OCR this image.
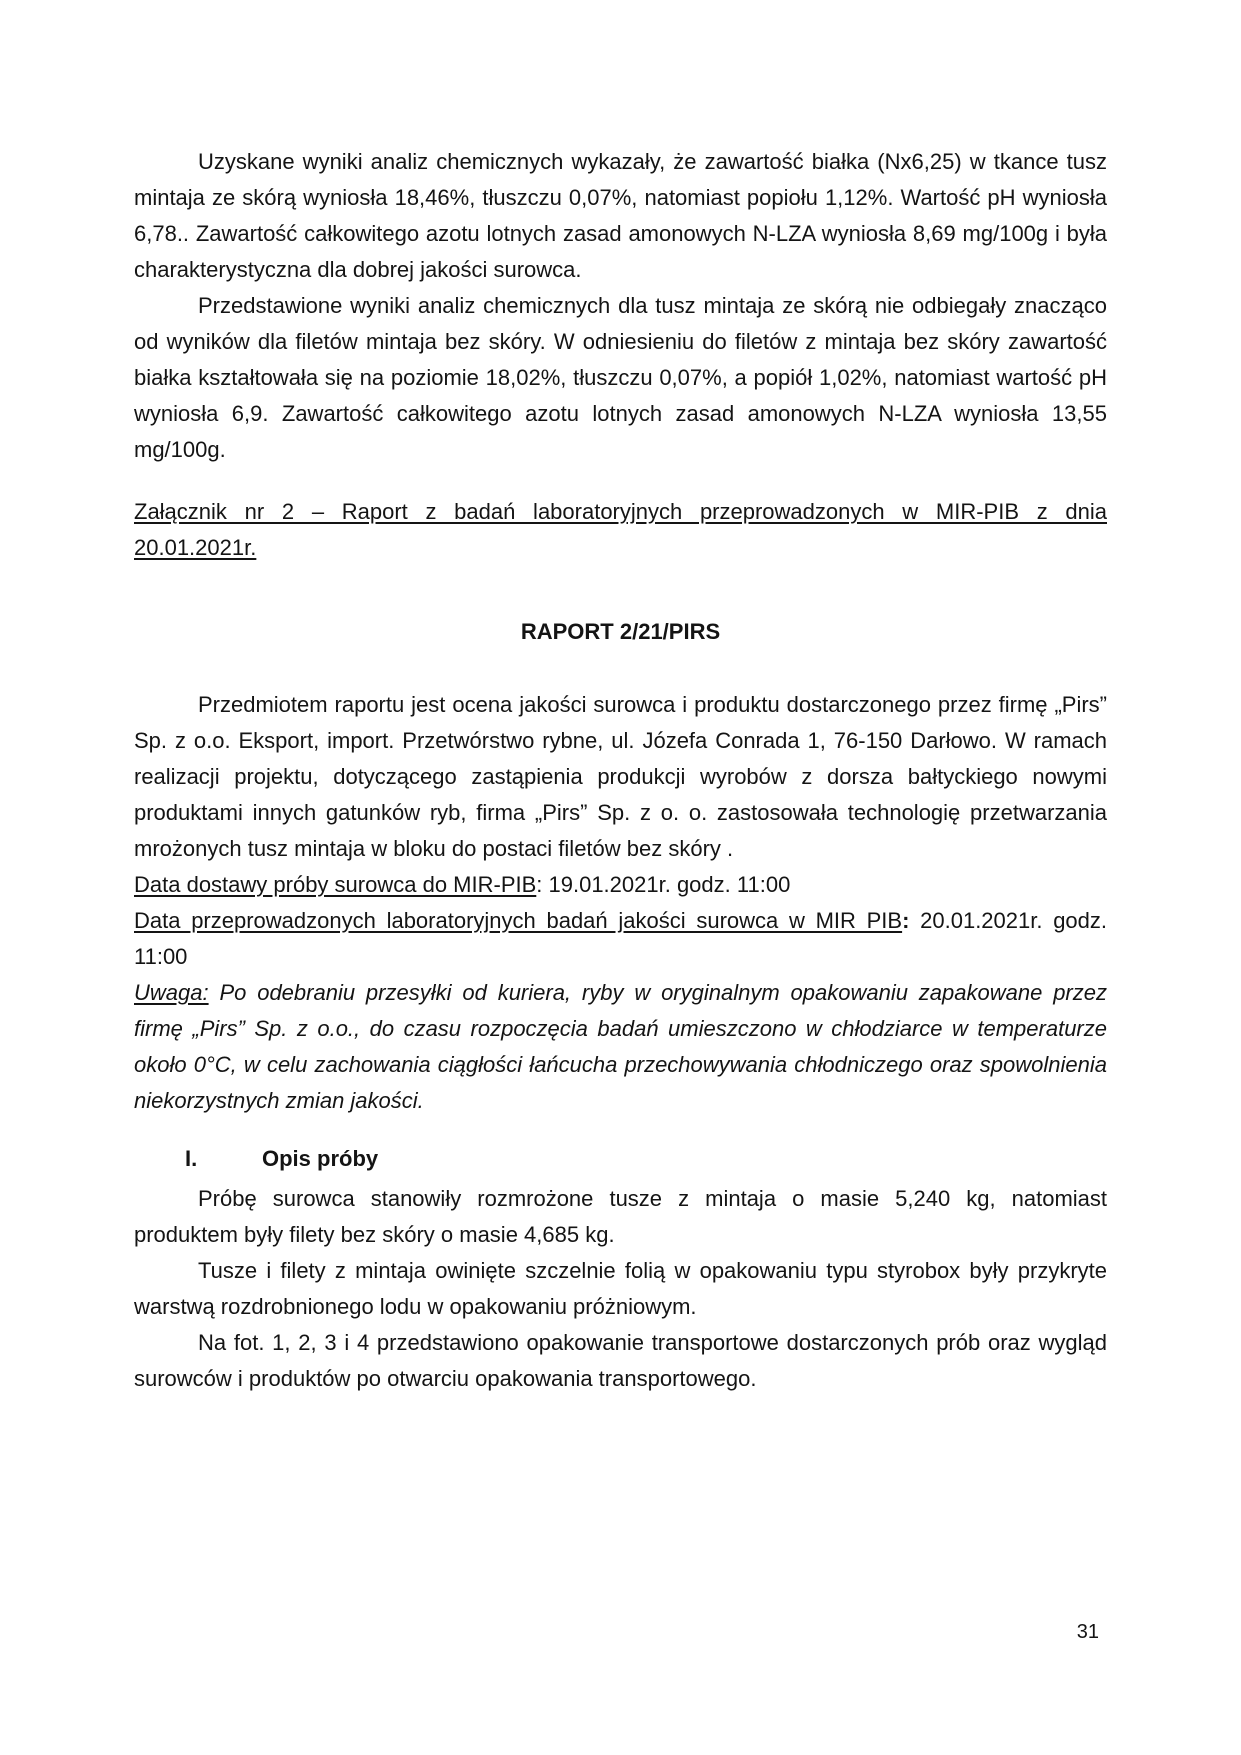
Uzyskane wyniki analiz chemicznych wykazały, że zawartość białka (Nx6,25) w tkance tusz mintaja ze skórą wyniosła 18,46%, tłuszczu 0,07%, natomiast popiołu 1,12%. Wartość pH wyniosła 6,78.. Zawartość całkowitego azotu lotnych zasad amonowych N-LZA wyniosła 8,69 mg/100g i była charakterystyczna dla dobrej jakości surowca.

Przedstawione wyniki analiz chemicznych dla tusz mintaja ze skórą nie odbiegały znacząco od wyników dla filetów mintaja bez skóry. W odniesieniu do filetów z mintaja bez skóry zawartość białka kształtowała się na poziomie 18,02%, tłuszczu 0,07%, a popiół 1,02%, natomiast wartość pH wyniosła 6,9. Zawartość całkowitego azotu lotnych zasad amonowych N-LZA wyniosła 13,55 mg/100g.

Załącznik nr 2 – Raport z badań laboratoryjnych przeprowadzonych w MIR-PIB z dnia
20.01.2021r.
RAPORT 2/21/PIRS

Przedmiotem raportu jest ocena jakości surowca i produktu dostarczonego przez firmę „Pirs” Sp. z o.o. Eksport, import. Przetwórstwo rybne, ul. Józefa Conrada 1, 76-150 Darłowo. W ramach realizacji projektu, dotyczącego zastąpienia produkcji wyrobów z dorsza bałtyckiego nowymi produktami innych gatunków ryb, firma „Pirs” Sp. z o. o. zastosowała technologię przetwarzania mrożonych tusz mintaja w bloku do postaci filetów bez skóry .

Data dostawy próby surowca do MIR-PIB: 19.01.2021r. godz. 11:00

Data przeprowadzonych laboratoryjnych badań jakości surowca w MIR PIB: 20.01.2021r. godz.
11:00

Uwaga: Po odebraniu przesyłki od kuriera, ryby w oryginalnym opakowaniu zapakowane przez firmę „Pirs” Sp. z o.o., do czasu rozpoczęcia badań umieszczono w chłodziarce w temperaturze około 0°C, w celu zachowania ciągłości łańcucha przechowywania chłodniczego oraz spowolnienia niekorzystnych zmian jakości.

I.	Opis próby

Próbę surowca stanowiły rozmrożone tusze z mintaja o masie 5,240 kg, natomiast produktem były filety bez skóry o masie 4,685 kg.

Tusze i filety z mintaja owinięte szczelnie folią w opakowaniu typu styrobox były przykryte warstwą rozdrobnionego lodu w opakowaniu próżniowym.

Na fot. 1, 2, 3 i 4 przedstawiono opakowanie transportowe dostarczonych prób oraz wygląd surowców i produktów po otwarciu opakowania transportowego.

31
